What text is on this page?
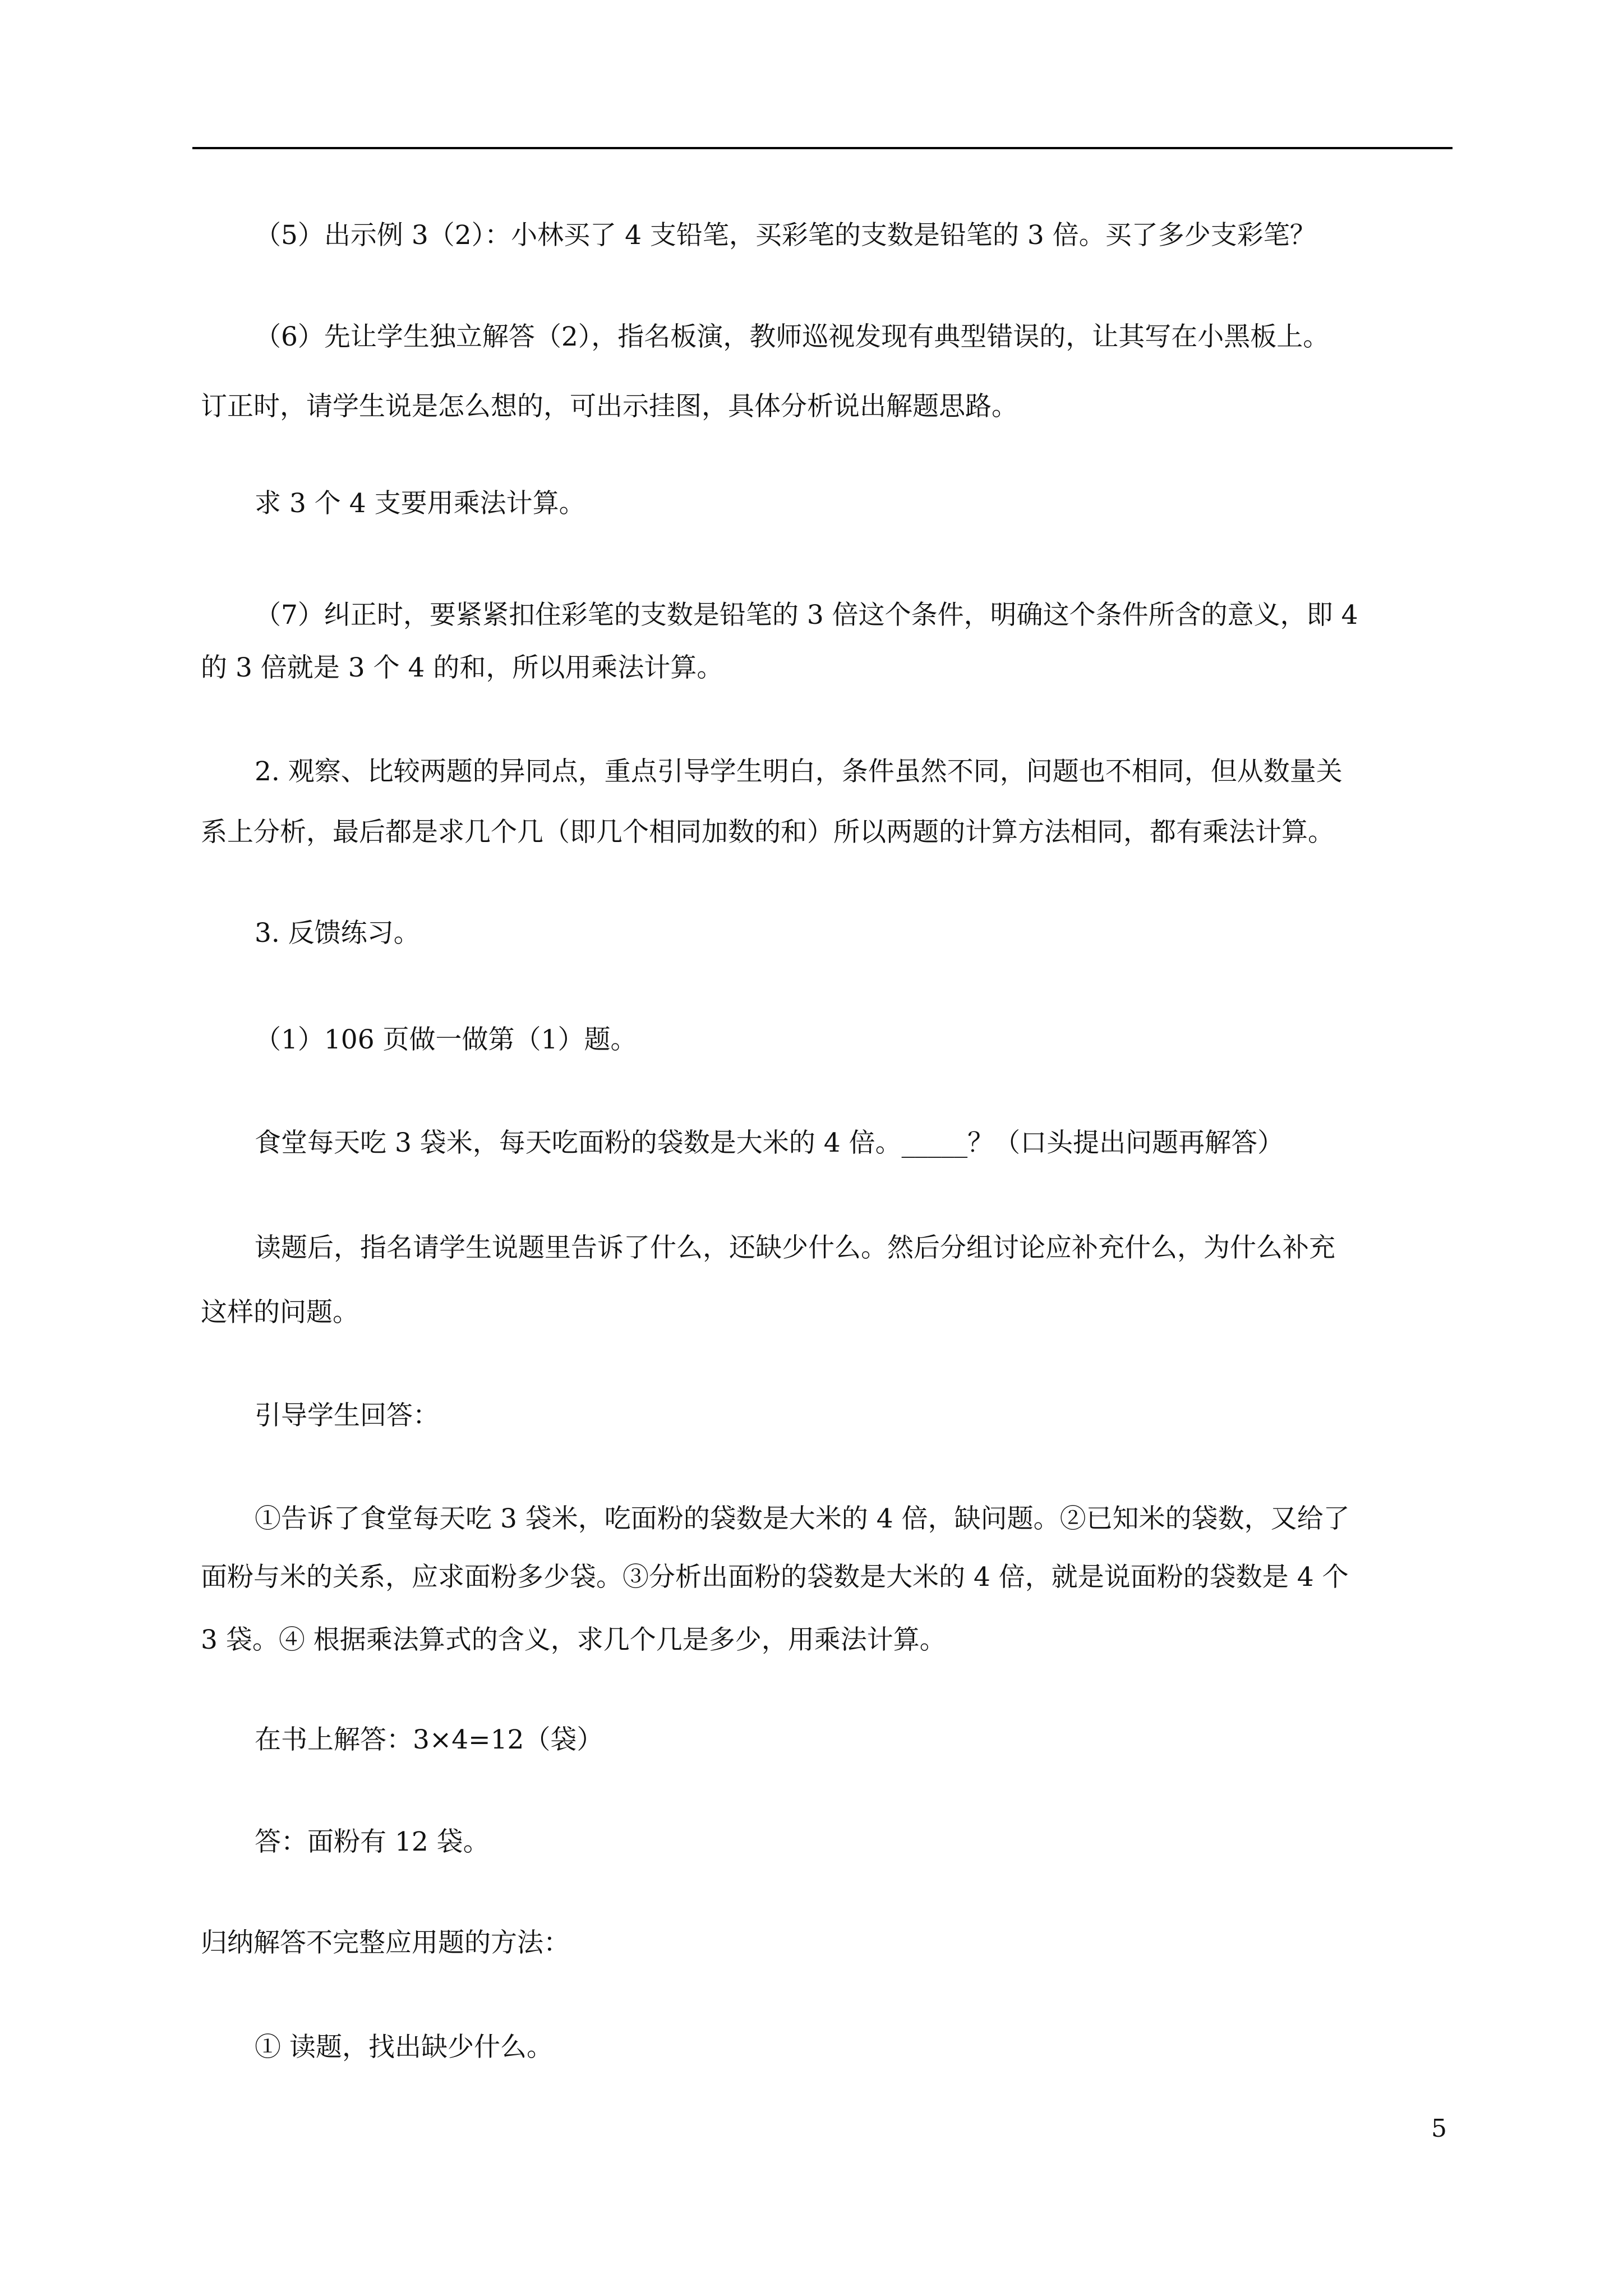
（5）出示例 3（2）：小林买了 4 支铅笔，买彩笔的支数是铅笔的 3 倍。买了多少支彩笔？

（6）先让学生独立解答（2），指名板演，教师巡视发现有典型错误的，让其写在小黑板上。

订正时，请学生说是怎么想的，可出示挂图，具体分析说出解题思路。

求 3 个 4 支要用乘法计算。

（7）纠正时，要紧紧扣住彩笔的支数是铅笔的 3 倍这个条件，明确这个条件所含的意义，即 4

的 3 倍就是 3 个 4 的和，所以用乘法计算。

2. 观察、比较两题的异同点，重点引导学生明白，条件虽然不同，问题也不相同，但从数量关

系上分析，最后都是求几个几（即几个相同加数的和）所以两题的计算方法相同，都有乘法计算。

3. 反馈练习。

（1）106 页做一做第（1）题。

食堂每天吃 3 袋米，每天吃面粉的袋数是大米的 4 倍。_____？（口头提出问题再解答）

读题后，指名请学生说题里告诉了什么，还缺少什么。然后分组讨论应补充什么，为什么补充

这样的问题。

引导学生回答：

①告诉了食堂每天吃 3 袋米，吃面粉的袋数是大米的 4 倍，缺问题。②已知米的袋数，又给了

面粉与米的关系，应求面粉多少袋。③分析出面粉的袋数是大米的 4 倍，就是说面粉的袋数是 4 个

3 袋。④ 根据乘法算式的含义，求几个几是多少，用乘法计算。

在书上解答：3×4=12（袋）

答：面粉有 12 袋。

归纳解答不完整应用题的方法：

① 读题，找出缺少什么。

5
